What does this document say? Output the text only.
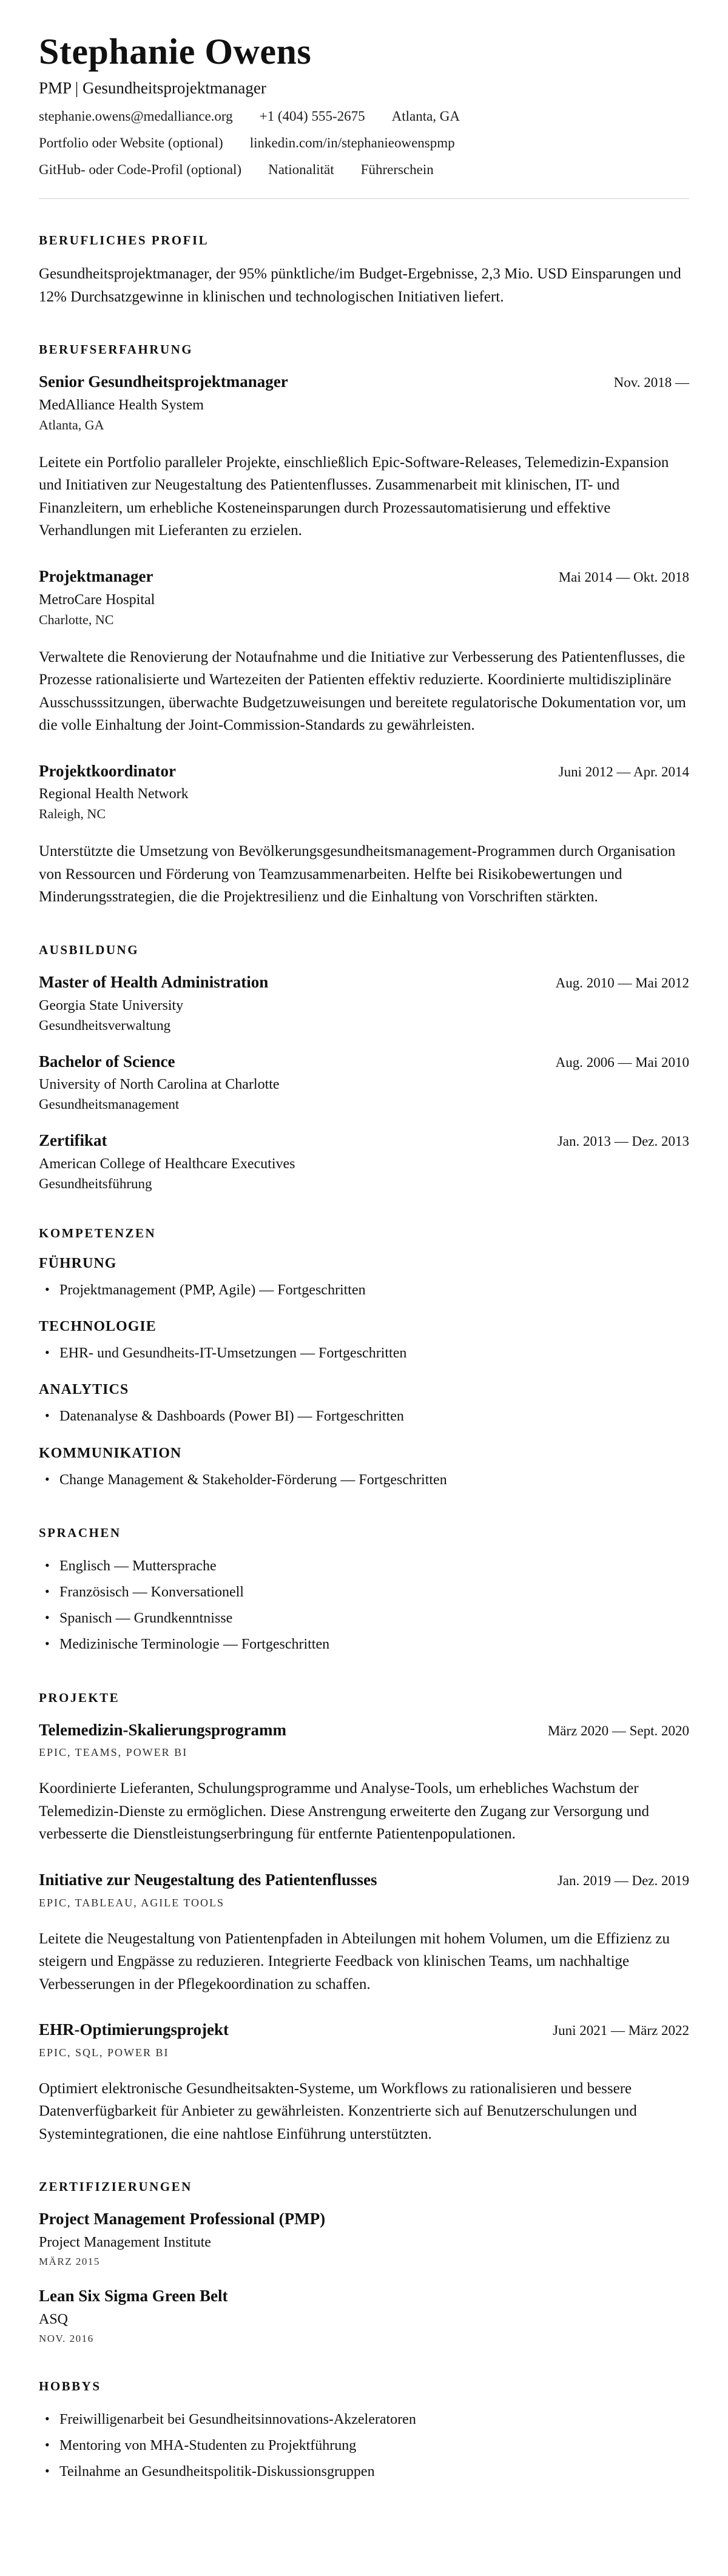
Stephanie Owens
PMP | Gesundheitsprojektmanager
stephanie.owens@medalliance.org +1 (404) 555-2675 Atlanta, GA
Portfolio oder Website (optional) linkedin.com/in/stephanieowenspmp
GitHub- oder Code-Profil (optional) Nationalität Führerschein
BERUFLICHES PROFIL

Gesundheitsprojektmanager, der 95% pünktliche/im Budget-Ergebnisse, 2,3 Mio. USD Einsparungen und 12% Durchsatzgewinne in klinischen und technologischen Initiativen liefert.

BERUFSERFAHRUNG
Senior Gesundheitsprojektmanager	Nov. 2018 —
MedAlliance Health System
Atlanta, GA

Leitete ein Portfolio paralleler Projekte, einschließlich Epic-Software-Releases, Telemedizin-Expansion und Initiativen zur Neugestaltung des Patientenflusses. Zusammenarbeit mit klinischen, IT- und Finanzleitern, um erhebliche Kosteneinsparungen durch Prozessautomatisierung und effektive Verhandlungen mit Lieferanten zu erzielen.

Projektmanager	Mai 2014 — Okt. 2018
MetroCare Hospital
Charlotte, NC

Verwaltete die Renovierung der Notaufnahme und die Initiative zur Verbesserung des Patientenflusses, die Prozesse rationalisierte und Wartezeiten der Patienten effektiv reduzierte. Koordinierte multidisziplinäre Ausschusssitzungen, überwachte Budgetzuweisungen und bereitete regulatorische Dokumentation vor, um die volle Einhaltung der Joint-Commission-Standards zu gewährleisten.

Projektkoordinator	Juni 2012 — Apr. 2014
Regional Health Network
Raleigh, NC

Unterstützte die Umsetzung von Bevölkerungsgesundheitsmanagement-Programmen durch Organisation von Ressourcen und Förderung von Teamzusammenarbeiten. Helfte bei Risikobewertungen und Minderungsstrategien, die die Projektresilienz und die Einhaltung von Vorschriften stärkten.

AUSBILDUNG
Master of Health Administration	Aug. 2010 — Mai 2012
Georgia State University
Gesundheitsverwaltung
Bachelor of Science	Aug. 2006 — Mai 2010
University of North Carolina at Charlotte
Gesundheitsmanagement
Zertifikat	Jan. 2013 — Dez. 2013
American College of Healthcare Executives
Gesundheitsführung
KOMPETENZEN
FÜHRUNG
• Projektmanagement (PMP, Agile) — Fortgeschritten
TECHNOLOGIE
• EHR- und Gesundheits-IT-Umsetzungen — Fortgeschritten
ANALYTICS
• Datenanalyse & Dashboards (Power BI) — Fortgeschritten
KOMMUNIKATION
• Change Management & Stakeholder-Förderung — Fortgeschritten
SPRACHEN
• Englisch — Muttersprache
• Französisch — Konversationell
• Spanisch — Grundkenntnisse
• Medizinische Terminologie — Fortgeschritten
PROJEKTE
Telemedizin-Skalierungsprogramm	März 2020 — Sept. 2020
EPIC, TEAMS, POWER BI

Koordinierte Lieferanten, Schulungsprogramme und Analyse-Tools, um erhebliches Wachstum der Telemedizin-Dienste zu ermöglichen. Diese Anstrengung erweiterte den Zugang zur Versorgung und verbesserte die Dienstleistungserbringung für entfernte Patientenpopulationen.

Initiative zur Neugestaltung des Patientenflusses	Jan. 2019 — Dez. 2019
EPIC, TABLEAU, AGILE TOOLS

Leitete die Neugestaltung von Patientenpfaden in Abteilungen mit hohem Volumen, um die Effizienz zu steigern und Engpässe zu reduzieren. Integrierte Feedback von klinischen Teams, um nachhaltige Verbesserungen in der Pflegekoordination zu schaffen.

EHR-Optimierungsprojekt	Juni 2021 — März 2022
EPIC, SQL, POWER BI

Optimiert elektronische Gesundheitsakten-Systeme, um Workflows zu rationalisieren und bessere Datenverfügbarkeit für Anbieter zu gewährleisten. Konzentrierte sich auf Benutzerschulungen und Systemintegrationen, die eine nahtlose Einführung unterstützten.

ZERTIFIZIERUNGEN
Project Management Professional (PMP)
Project Management Institute
MÄRZ 2015
Lean Six Sigma Green Belt
ASQ
NOV. 2016
HOBBYS
• Freiwilligenarbeit bei Gesundheitsinnovations-Akzeleratoren
• Mentoring von MHA-Studenten zu Projektführung
• Teilnahme an Gesundheitspolitik-Diskussionsgruppen
